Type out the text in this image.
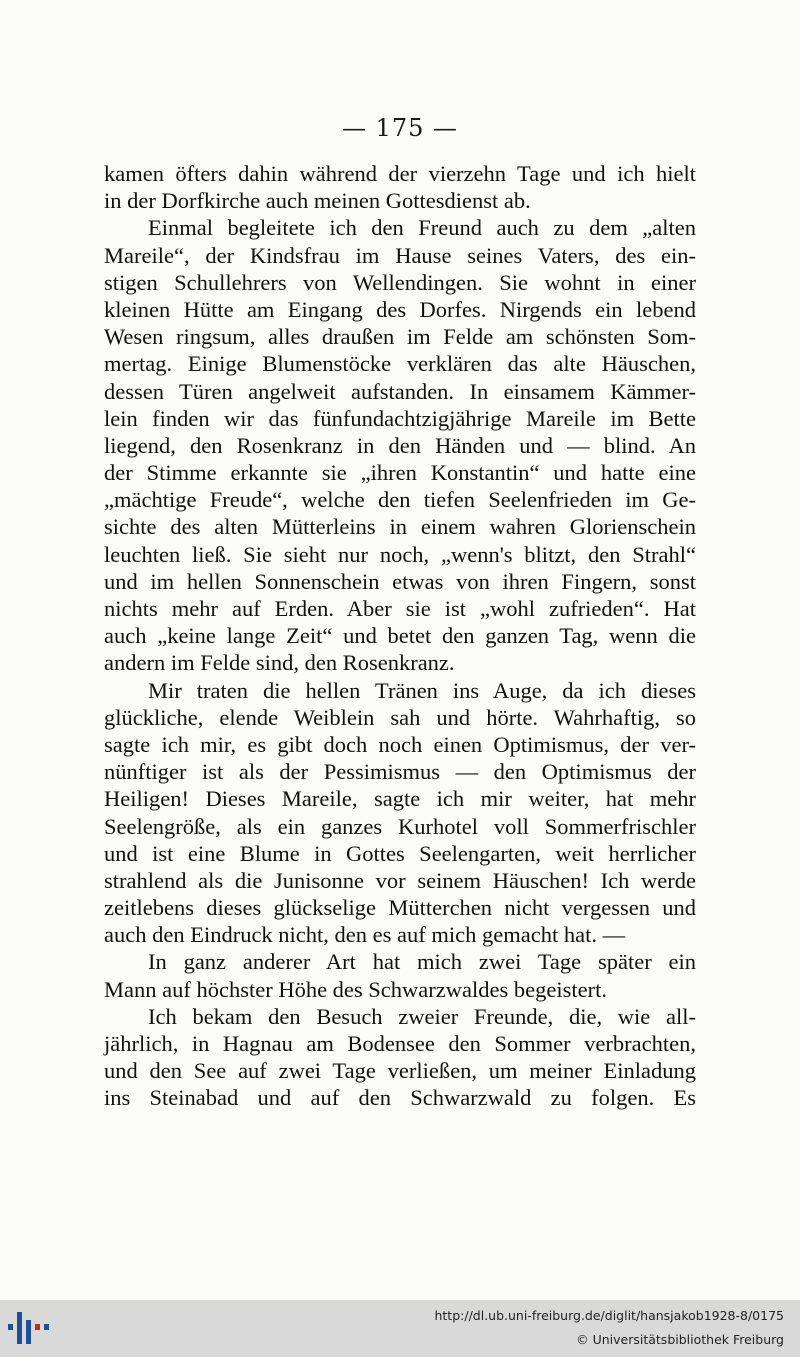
— 175 —
kamen öfters dahin während der vierzehn Tage und ich hielt
in der Dorfkirche auch meinen Gottesdienst ab.
Einmal begleitete ich den Freund auch zu dem „alten
Mareile“, der Kindsfrau im Hause seines Vaters, des ein-
stigen Schullehrers von Wellendingen. Sie wohnt in einer
kleinen Hütte am Eingang des Dorfes. Nirgends ein lebend
Wesen ringsum, alles draußen im Felde am schönsten Som-
mertag. Einige Blumenstöcke verklären das alte Häuschen,
dessen Türen angelweit aufstanden. In einsamem Kämmer-
lein finden wir das fünfundachtzigjährige Mareile im Bette
liegend, den Rosenkranz in den Händen und — blind. An
der Stimme erkannte sie „ihren Konstantin“ und hatte eine
„mächtige Freude“, welche den tiefen Seelenfrieden im Ge-
sichte des alten Mütterleins in einem wahren Glorienschein
leuchten ließ. Sie sieht nur noch, „wenn's blitzt, den Strahl“
und im hellen Sonnenschein etwas von ihren Fingern, sonst
nichts mehr auf Erden. Aber sie ist „wohl zufrieden“. Hat
auch „keine lange Zeit“ und betet den ganzen Tag, wenn die
andern im Felde sind, den Rosenkranz.
Mir traten die hellen Tränen ins Auge, da ich dieses
glückliche, elende Weiblein sah und hörte. Wahrhaftig, so
sagte ich mir, es gibt doch noch einen Optimismus, der ver-
nünftiger ist als der Pessimismus — den Optimismus der
Heiligen! Dieses Mareile, sagte ich mir weiter, hat mehr
Seelengröße, als ein ganzes Kurhotel voll Sommerfrischler
und ist eine Blume in Gottes Seelengarten, weit herrlicher
strahlend als die Junisonne vor seinem Häuschen! Ich werde
zeitlebens dieses glückselige Mütterchen nicht vergessen und
auch den Eindruck nicht, den es auf mich gemacht hat. —
In ganz anderer Art hat mich zwei Tage später ein
Mann auf höchster Höhe des Schwarzwaldes begeistert.
Ich bekam den Besuch zweier Freunde, die, wie all-
jährlich, in Hagnau am Bodensee den Sommer verbrachten,
und den See auf zwei Tage verließen, um meiner Einladung
ins Steinabad und auf den Schwarzwald zu folgen. Es
http://dl.ub.uni-freiburg.de/diglit/hansjakob1928-8/0175
© Universitätsbibliothek Freiburg
